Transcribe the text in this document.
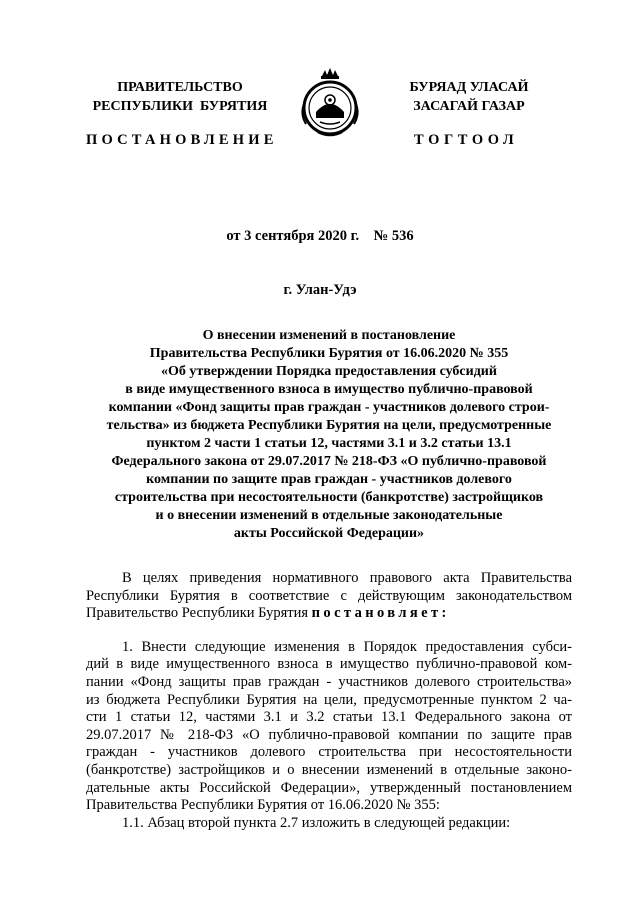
ПРАВИТЕЛЬСТВО
РЕСПУБЛИКИ  БУРЯТИЯ
БУРЯАД УЛАСАЙ
ЗАСАГАЙ ГАЗАР
ПОСТАНОВЛЕНИЕ	ТОГТООЛ
от 3 сентября 2020 г.    № 536
г. Улан-Удэ
О внесении изменений в постановление
Правительства Республики Бурятия от 16.06.2020 № 355
«Об утверждении Порядка предоставления субсидий
в виде имущественного взноса в имущество публично-правовой
компании «Фонд защиты прав граждан - участников долевого строи-
тельства» из бюджета Республики Бурятия на цели, предусмотренные
пунктом 2 части 1 статьи 12, частями 3.1 и 3.2 статьи 13.1
Федерального закона от 29.07.2017 № 218-ФЗ «О публично-правовой
компании по защите прав граждан - участников долевого
строительства при несостоятельности (банкротстве) застройщиков
и о внесении изменений в отдельные законодательные
акты Российской Федерации»
В целях приведения нормативного правового акта Правительства
Республики Бурятия в соответствие с действующим законодательством
Правительство Республики Бурятия постановляет:
1. Внести следующие изменения в Порядок предоставления субси-
дий в виде имущественного взноса в имущество публично-правовой ком-
пании «Фонд защиты прав граждан - участников долевого строительства»
из бюджета Республики Бурятия на цели, предусмотренные пунктом 2 ча-
сти 1 статьи 12, частями 3.1 и 3.2 статьи 13.1 Федерального закона от
29.07.2017 № 218-ФЗ «О публично-правовой компании по защите прав
граждан - участников долевого строительства при несостоятельности
(банкротстве) застройщиков и о внесении изменений в отдельные законо-
дательные акты Российской Федерации», утвержденный постановлением
Правительства Республики Бурятия от 16.06.2020 № 355:
1.1. Абзац второй пункта 2.7 изложить в следующей редакции:
